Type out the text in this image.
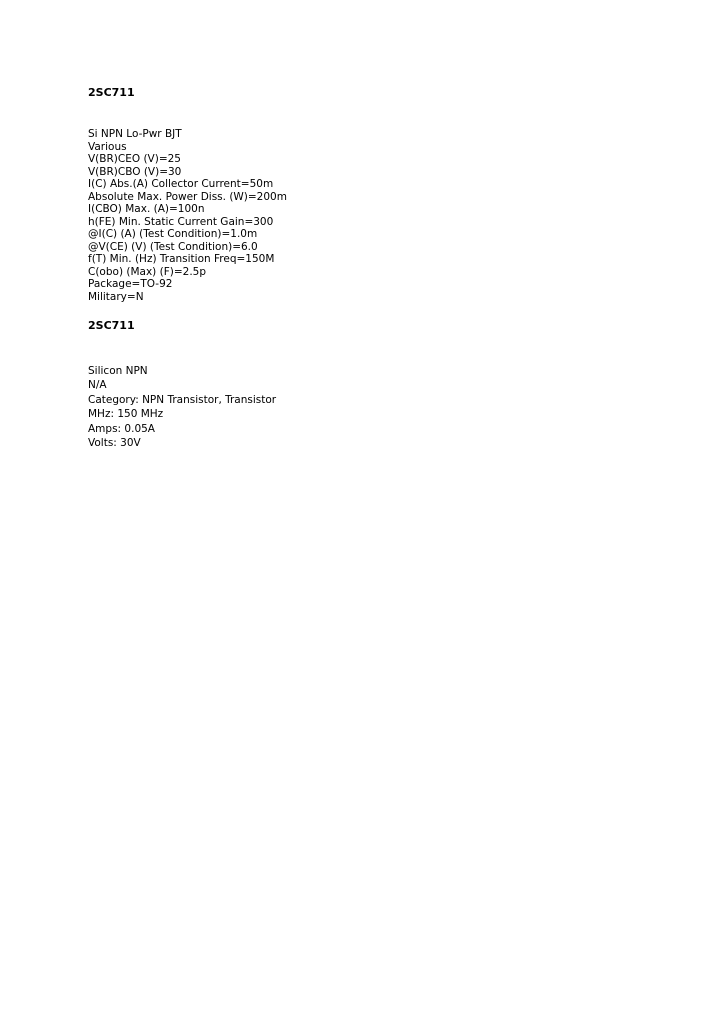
2SC711
Si NPN Lo-Pwr BJT
Various
V(BR)CEO (V)=25
V(BR)CBO (V)=30
I(C) Abs.(A) Collector Current=50m
Absolute Max. Power Diss. (W)=200m
I(CBO) Max. (A)=100n
h(FE) Min. Static Current Gain=300
@I(C) (A) (Test Condition)=1.0m
@V(CE) (V) (Test Condition)=6.0
f(T) Min. (Hz) Transition Freq=150M
C(obo) (Max) (F)=2.5p
Package=TO-92
Military=N
2SC711
Silicon NPN
N/A
Category: NPN Transistor, Transistor
MHz: 150 MHz
Amps: 0.05A
Volts: 30V
